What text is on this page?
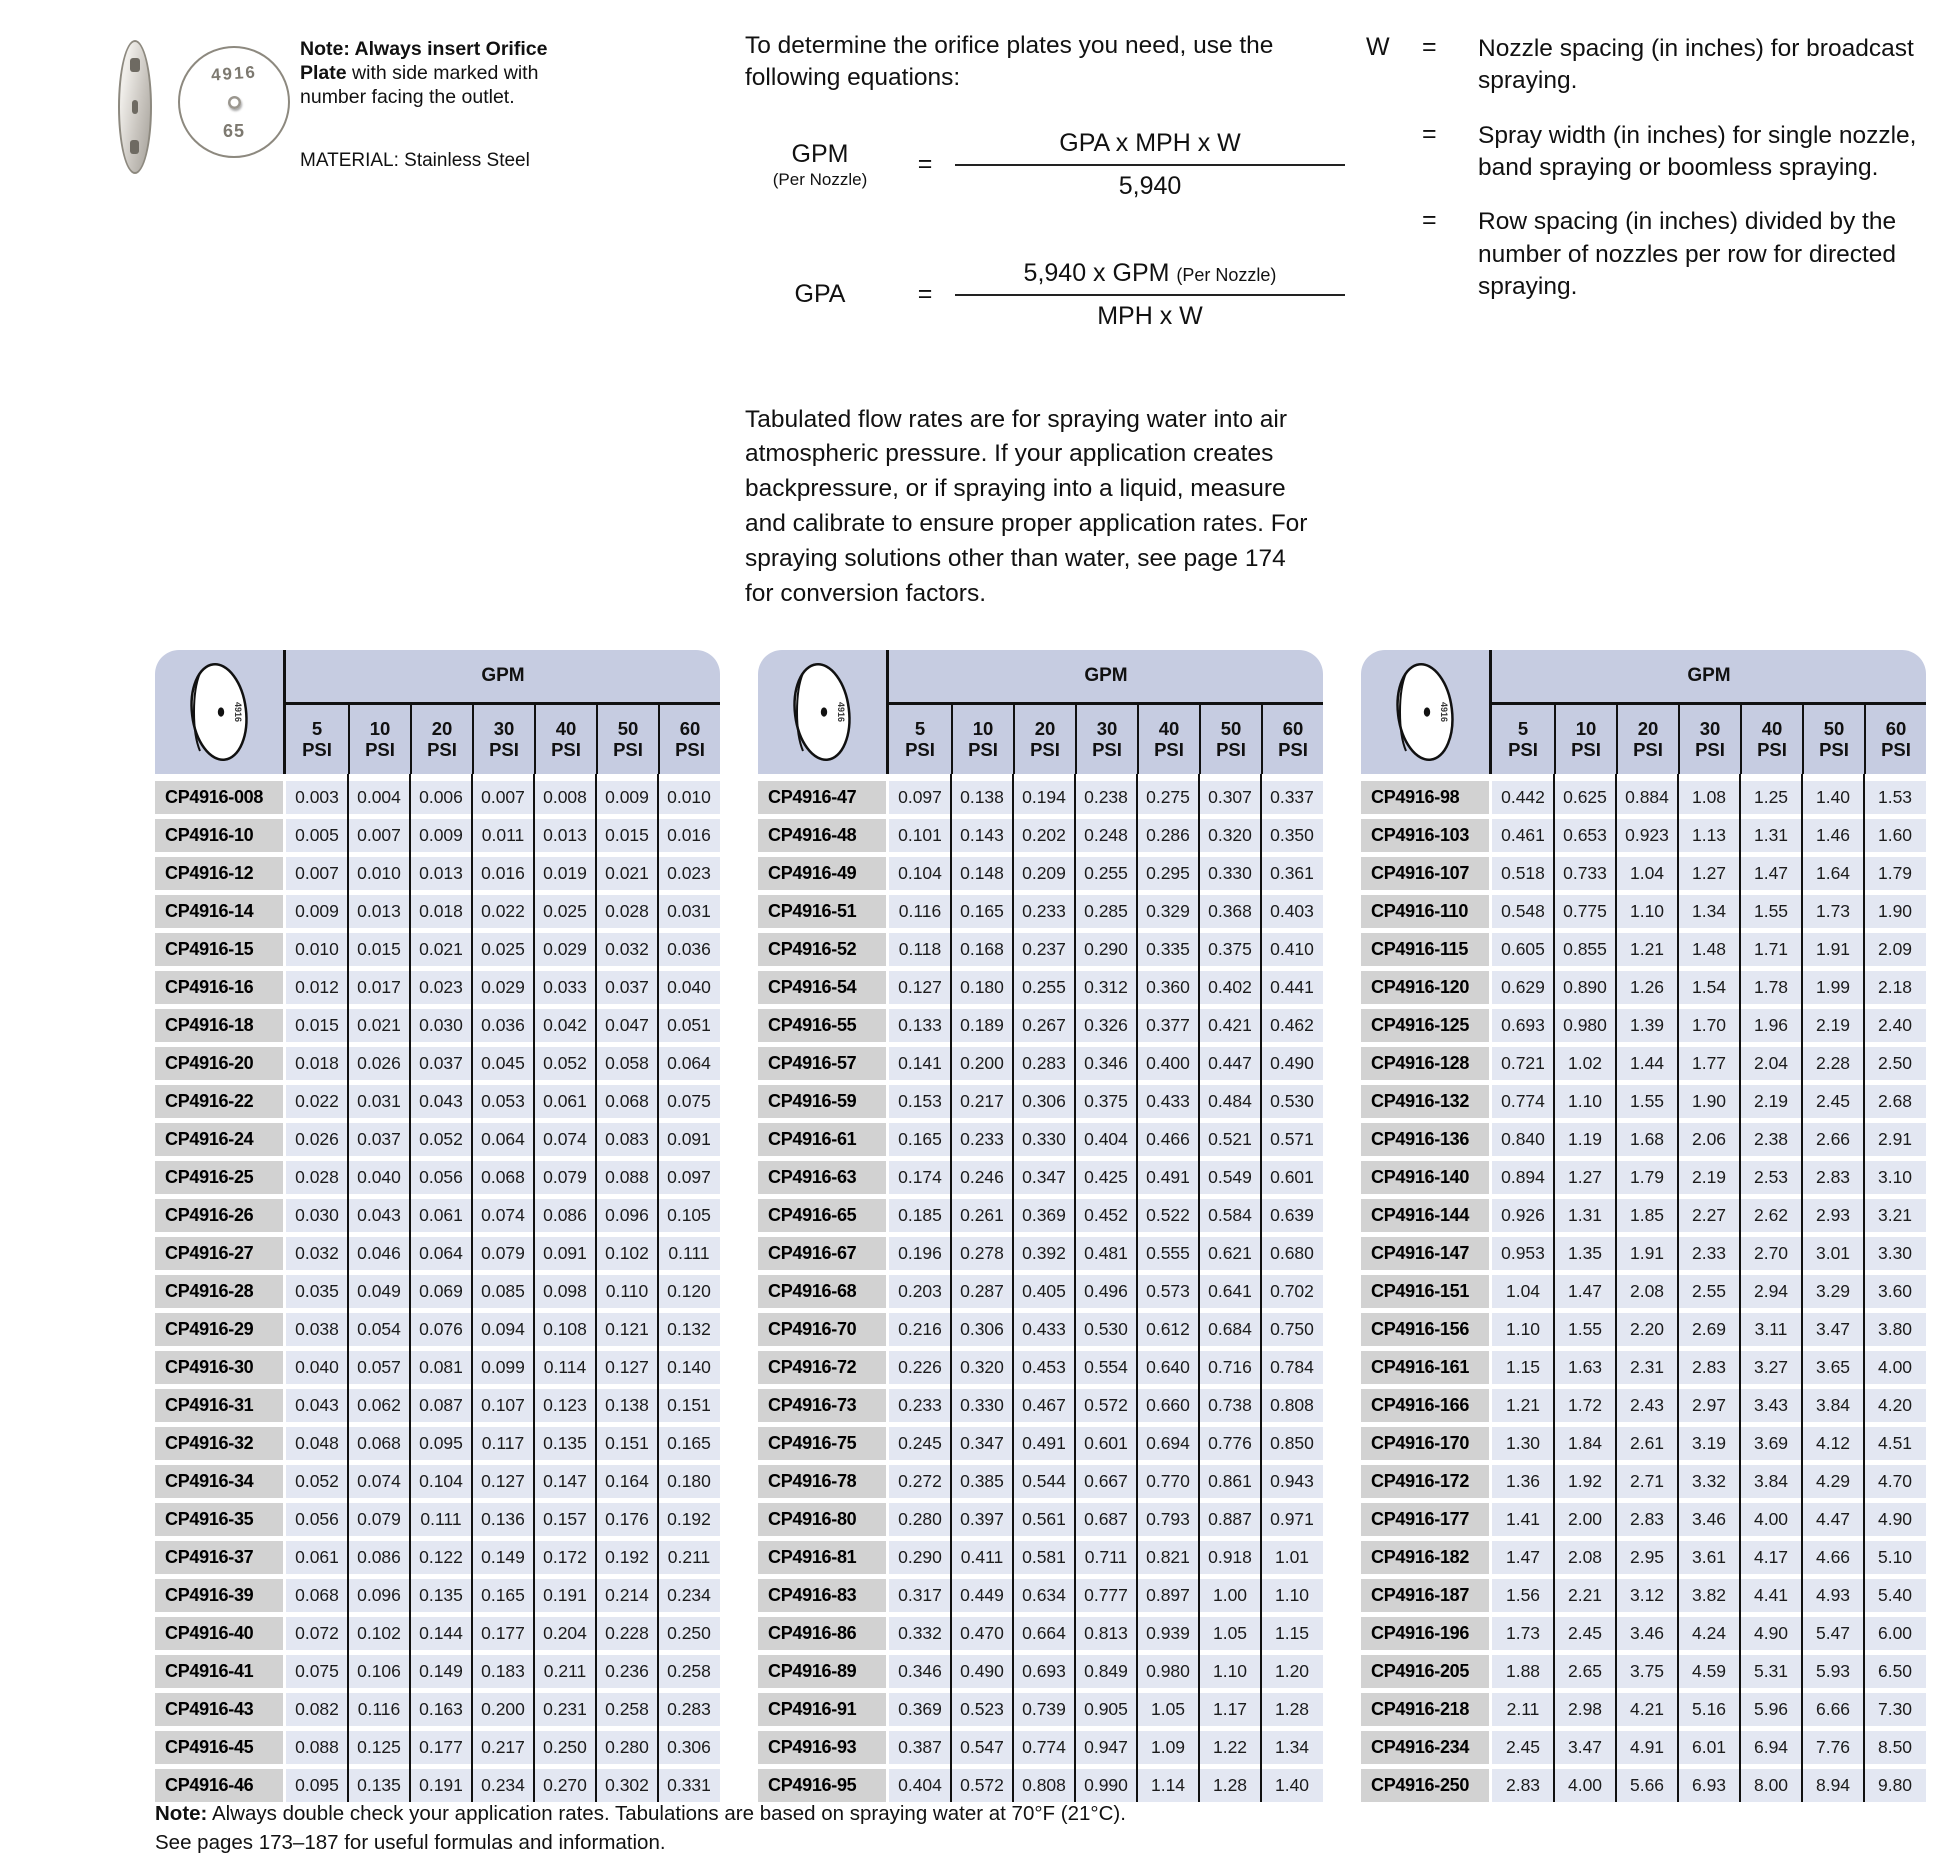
4916
65
Note: Always insert Orifice Plate with side marked with number facing the outlet.
MATERIAL: Stainless Steel
To determine the orifice plates you need, use the following equations:
GPM
(Per Nozzle)
= $\frac{\text{GPA x MPH x W}}{5,940}$
GPA	= $\frac{\text{5,940 x GPM (Per Nozzle)}}{\text{MPH x W}}$
Tabulated flow rates are for spraying water into air atmospheric pressure. If your application creates backpressure, or if spraying into a liquid, measure and calibrate to ensure proper application rates. For spraying solutions other than water, see page 174 for conversion factors.
W	=	Nozzle spacing (in inches) for broadcast spraying.
=	Spray width (in inches) for single nozzle, band spraying or boomless spraying.
=	Row spacing (in inches) divided by the number of nozzles per row for directed spraying.
4916
GPM
5
PSI
10
PSI
20
PSI
30
PSI
40
PSI
50
PSI
60
PSI
CP4916-008	0.003	0.004	0.006	0.007	0.008	0.009	0.010
CP4916-10	0.005	0.007	0.009	0.011	0.013	0.015	0.016
CP4916-12	0.007	0.010	0.013	0.016	0.019	0.021	0.023
CP4916-14	0.009	0.013	0.018	0.022	0.025	0.028	0.031
CP4916-15	0.010	0.015	0.021	0.025	0.029	0.032	0.036
CP4916-16	0.012	0.017	0.023	0.029	0.033	0.037	0.040
CP4916-18	0.015	0.021	0.030	0.036	0.042	0.047	0.051
CP4916-20	0.018	0.026	0.037	0.045	0.052	0.058	0.064
CP4916-22	0.022	0.031	0.043	0.053	0.061	0.068	0.075
CP4916-24	0.026	0.037	0.052	0.064	0.074	0.083	0.091
CP4916-25	0.028	0.040	0.056	0.068	0.079	0.088	0.097
CP4916-26	0.030	0.043	0.061	0.074	0.086	0.096	0.105
CP4916-27	0.032	0.046	0.064	0.079	0.091	0.102	0.111
CP4916-28	0.035	0.049	0.069	0.085	0.098	0.110	0.120
CP4916-29	0.038	0.054	0.076	0.094	0.108	0.121	0.132
CP4916-30	0.040	0.057	0.081	0.099	0.114	0.127	0.140
CP4916-31	0.043	0.062	0.087	0.107	0.123	0.138	0.151
CP4916-32	0.048	0.068	0.095	0.117	0.135	0.151	0.165
CP4916-34	0.052	0.074	0.104	0.127	0.147	0.164	0.180
CP4916-35	0.056	0.079	0.111	0.136	0.157	0.176	0.192
CP4916-37	0.061	0.086	0.122	0.149	0.172	0.192	0.211
CP4916-39	0.068	0.096	0.135	0.165	0.191	0.214	0.234
CP4916-40	0.072	0.102	0.144	0.177	0.204	0.228	0.250
CP4916-41	0.075	0.106	0.149	0.183	0.211	0.236	0.258
CP4916-43	0.082	0.116	0.163	0.200	0.231	0.258	0.283
CP4916-45	0.088	0.125	0.177	0.217	0.250	0.280	0.306
CP4916-46	0.095	0.135	0.191	0.234	0.270	0.302	0.331
4916
GPM
5
PSI
10
PSI
20
PSI
30
PSI
40
PSI
50
PSI
60
PSI
CP4916-47	0.097	0.138	0.194	0.238	0.275	0.307	0.337
CP4916-48	0.101	0.143	0.202	0.248	0.286	0.320	0.350
CP4916-49	0.104	0.148	0.209	0.255	0.295	0.330	0.361
CP4916-51	0.116	0.165	0.233	0.285	0.329	0.368	0.403
CP4916-52	0.118	0.168	0.237	0.290	0.335	0.375	0.410
CP4916-54	0.127	0.180	0.255	0.312	0.360	0.402	0.441
CP4916-55	0.133	0.189	0.267	0.326	0.377	0.421	0.462
CP4916-57	0.141	0.200	0.283	0.346	0.400	0.447	0.490
CP4916-59	0.153	0.217	0.306	0.375	0.433	0.484	0.530
CP4916-61	0.165	0.233	0.330	0.404	0.466	0.521	0.571
CP4916-63	0.174	0.246	0.347	0.425	0.491	0.549	0.601
CP4916-65	0.185	0.261	0.369	0.452	0.522	0.584	0.639
CP4916-67	0.196	0.278	0.392	0.481	0.555	0.621	0.680
CP4916-68	0.203	0.287	0.405	0.496	0.573	0.641	0.702
CP4916-70	0.216	0.306	0.433	0.530	0.612	0.684	0.750
CP4916-72	0.226	0.320	0.453	0.554	0.640	0.716	0.784
CP4916-73	0.233	0.330	0.467	0.572	0.660	0.738	0.808
CP4916-75	0.245	0.347	0.491	0.601	0.694	0.776	0.850
CP4916-78	0.272	0.385	0.544	0.667	0.770	0.861	0.943
CP4916-80	0.280	0.397	0.561	0.687	0.793	0.887	0.971
CP4916-81	0.290	0.411	0.581	0.711	0.821	0.918	1.01
CP4916-83	0.317	0.449	0.634	0.777	0.897	1.00	1.10
CP4916-86	0.332	0.470	0.664	0.813	0.939	1.05	1.15
CP4916-89	0.346	0.490	0.693	0.849	0.980	1.10	1.20
CP4916-91	0.369	0.523	0.739	0.905	1.05	1.17	1.28
CP4916-93	0.387	0.547	0.774	0.947	1.09	1.22	1.34
CP4916-95	0.404	0.572	0.808	0.990	1.14	1.28	1.40
4916
GPM
5
PSI
10
PSI
20
PSI
30
PSI
40
PSI
50
PSI
60
PSI
CP4916-98	0.442	0.625	0.884	1.08	1.25	1.40	1.53
CP4916-103	0.461	0.653	0.923	1.13	1.31	1.46	1.60
CP4916-107	0.518	0.733	1.04	1.27	1.47	1.64	1.79
CP4916-110	0.548	0.775	1.10	1.34	1.55	1.73	1.90
CP4916-115	0.605	0.855	1.21	1.48	1.71	1.91	2.09
CP4916-120	0.629	0.890	1.26	1.54	1.78	1.99	2.18
CP4916-125	0.693	0.980	1.39	1.70	1.96	2.19	2.40
CP4916-128	0.721	1.02	1.44	1.77	2.04	2.28	2.50
CP4916-132	0.774	1.10	1.55	1.90	2.19	2.45	2.68
CP4916-136	0.840	1.19	1.68	2.06	2.38	2.66	2.91
CP4916-140	0.894	1.27	1.79	2.19	2.53	2.83	3.10
CP4916-144	0.926	1.31	1.85	2.27	2.62	2.93	3.21
CP4916-147	0.953	1.35	1.91	2.33	2.70	3.01	3.30
CP4916-151	1.04	1.47	2.08	2.55	2.94	3.29	3.60
CP4916-156	1.10	1.55	2.20	2.69	3.11	3.47	3.80
CP4916-161	1.15	1.63	2.31	2.83	3.27	3.65	4.00
CP4916-166	1.21	1.72	2.43	2.97	3.43	3.84	4.20
CP4916-170	1.30	1.84	2.61	3.19	3.69	4.12	4.51
CP4916-172	1.36	1.92	2.71	3.32	3.84	4.29	4.70
CP4916-177	1.41	2.00	2.83	3.46	4.00	4.47	4.90
CP4916-182	1.47	2.08	2.95	3.61	4.17	4.66	5.10
CP4916-187	1.56	2.21	3.12	3.82	4.41	4.93	5.40
CP4916-196	1.73	2.45	3.46	4.24	4.90	5.47	6.00
CP4916-205	1.88	2.65	3.75	4.59	5.31	5.93	6.50
CP4916-218	2.11	2.98	4.21	5.16	5.96	6.66	7.30
CP4916-234	2.45	3.47	4.91	6.01	6.94	7.76	8.50
CP4916-250	2.83	4.00	5.66	6.93	8.00	8.94	9.80
Note: Always double check your application rates. Tabulations are based on spraying water at 70°F (21°C).
See pages 173–187 for useful formulas and information.
